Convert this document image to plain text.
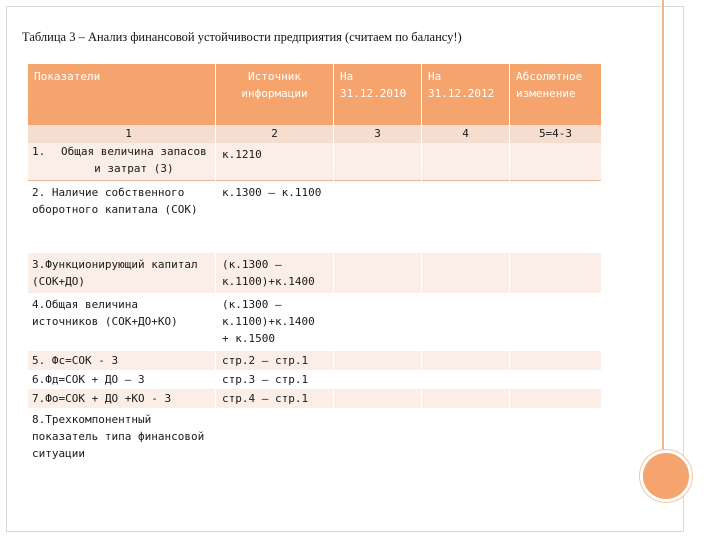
Таблица 3 – Анализ финансовой устойчивости предприятия (считаем по балансу!)
Показатели	Источник информации	На 31.12.2010	На 31.12.2012	Абсолютное изменение
1	2	3	4	5=4-3
1. Общая величина запасов и затрат (З)	к.1210			
2. Наличие собственного оборотного капитала (СОК)	к.1300 – к.1100			
3.Функционирующий капитал (СОК+ДО)	(к.1300 – к.1100)+к.1400			
4.Общая величина источников (СОК+ДО+КО)	(к.1300 – к.1100)+к.1400 + к.1500			
5. Фс=СОК - З	стр.2 – стр.1			
6.Фд=СОК + ДО – З	стр.3 – стр.1			
7.Фо=СОК + ДО +КО - З	стр.4 – стр.1			
8.Трехкомпонентный показатель типа финансовой ситуации				
